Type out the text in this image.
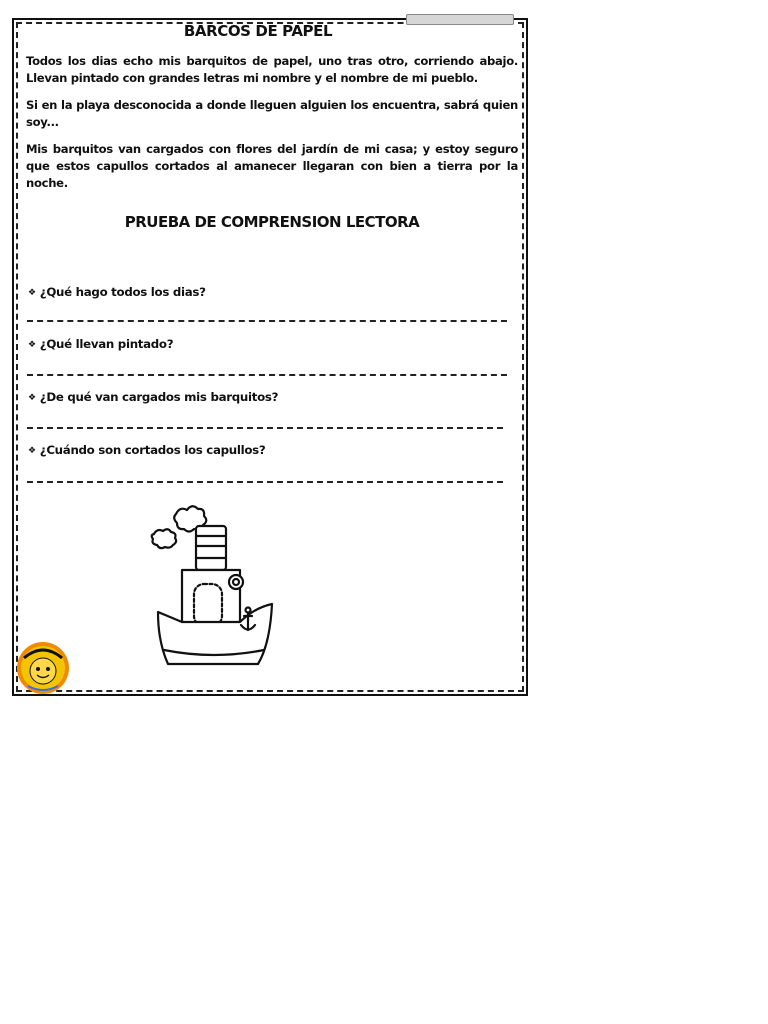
BARCOS DE PAPEL
Todos los dias echo mis barquitos de papel, uno tras otro, corriendo abajo. Llevan pintado con grandes letras mi nombre y el nombre de mi pueblo.
Si en la playa desconocida a donde lleguen alguien los encuentra, sabrá quien soy...
Mis barquitos van cargados con flores del jardín de mi casa; y estoy seguro que estos capullos cortados al amanecer llegaran con bien a tierra por la noche.
PRUEBA DE COMPRENSION LECTORA
❖ ¿Qué hago todos los dias?
❖ ¿Qué llevan pintado?
❖ ¿De qué van cargados mis barquitos?
❖ ¿Cuándo son cortados los capullos?
